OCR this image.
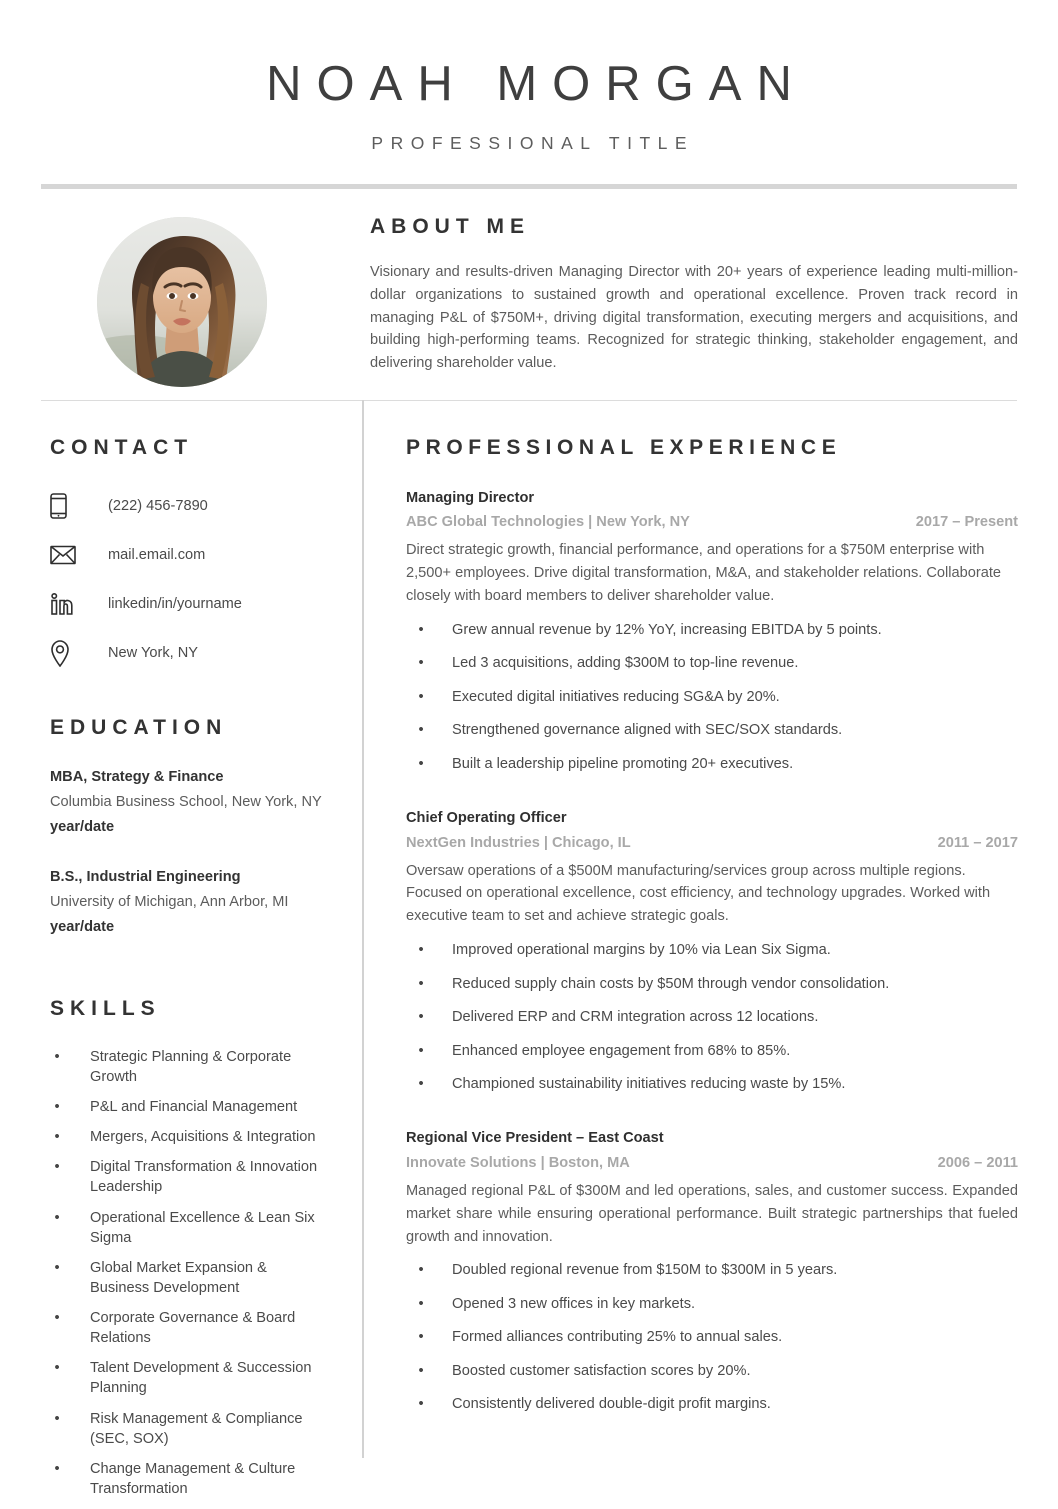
NOAH MORGAN
PROFESSIONAL TITLE
ABOUT ME
Visionary and results-driven Managing Director with 20+ years of experience leading multi-million-dollar organizations to sustained growth and operational excellence. Proven track record in managing P&L of $750M+, driving digital transformation, executing mergers and acquisitions, and building high-performing teams. Recognized for strategic thinking, stakeholder engagement, and delivering shareholder value.
CONTACT
(222) 456-7890
mail.email.com
linkedin/in/yourname
New York, NY
EDUCATION
MBA, Strategy & Finance
Columbia Business School, New York, NY
year/date
B.S., Industrial Engineering
University of Michigan, Ann Arbor, MI
year/date
SKILLS
•	Strategic Planning & Corporate Growth
•	P&L and Financial Management
•	Mergers, Acquisitions & Integration
•	Digital Transformation & Innovation Leadership
•	Operational Excellence & Lean Six Sigma
•	Global Market Expansion & Business Development
•	Corporate Governance & Board Relations
•	Talent Development & Succession Planning
•	Risk Management & Compliance (SEC, SOX)
•	Change Management & Culture Transformation
PROFESSIONAL EXPERIENCE
Managing Director
ABC Global Technologies | New York, NY	2017 – Present
Direct strategic growth, financial performance, and operations for a $750M enterprise with 2,500+ employees. Drive digital transformation, M&A, and stakeholder relations. Collaborate closely with board members to deliver shareholder value.
•	Grew annual revenue by 12% YoY, increasing EBITDA by 5 points.
•	Led 3 acquisitions, adding $300M to top-line revenue.
•	Executed digital initiatives reducing SG&A by 20%.
•	Strengthened governance aligned with SEC/SOX standards.
•	Built a leadership pipeline promoting 20+ executives.
Chief Operating Officer
NextGen Industries | Chicago, IL	2011 – 2017
Oversaw operations of a $500M manufacturing/services group across multiple regions. Focused on operational excellence, cost efficiency, and technology upgrades. Worked with executive team to set and achieve strategic goals.
•	Improved operational margins by 10% via Lean Six Sigma.
•	Reduced supply chain costs by $50M through vendor consolidation.
•	Delivered ERP and CRM integration across 12 locations.
•	Enhanced employee engagement from 68% to 85%.
•	Championed sustainability initiatives reducing waste by 15%.
Regional Vice President – East Coast
Innovate Solutions | Boston, MA	2006 – 2011
Managed regional P&L of $300M and led operations, sales, and customer success. Expanded market share while ensuring operational performance. Built strategic partnerships that fueled growth and innovation.
•	Doubled regional revenue from $150M to $300M in 5 years.
•	Opened 3 new offices in key markets.
•	Formed alliances contributing 25% to annual sales.
•	Boosted customer satisfaction scores by 20%.
•	Consistently delivered double-digit profit margins.
